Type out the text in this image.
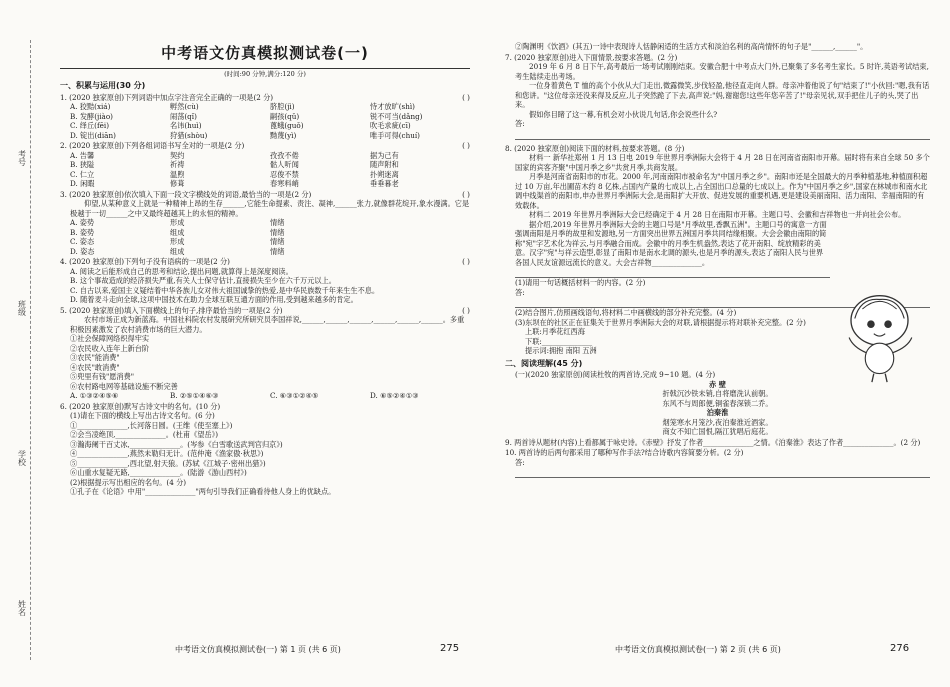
考号
班级
学校
姓名
中考语文仿真模拟测试卷(一)
(时间:90 分钟,满分:120 分)
一、积累与运用(30 分)
( )
1. (2020 独家原创)下列词语中加点字注音完全正确的一项是(2 分)
A. 狡黠(xiá)	孵然(cù)	脐腔(jì)	恃才放旷(shì)
B. 发酵(jiào)	闹荡(qǐ)	嗣孩(qǔ)	锐不可当(dǎng)
C. 绎丘(fēi)	名讳(huì)	蓖蛾(guǒ)	吹毛求疵(cī)
D. 锭出(diān)	狩猎(shòu)	黝蔑(yì)	唯手可得(chuí)
( )
2. (2020 独家原创)下列各组词语书写全对的一项是(2 分)
A. 告馨	契约	孜孜不倦	据为己有
B. 狭隘	祈祷	骷人听闻	随声附和
C. 仁立	温煦	忍俊不禁	扑朔迷离
D. 闲暇	修葺	春寒料峭	垂垂暮老
( )
3. (2020 独家原创)依次填入下面一段文字横线处的词语,最恰当的一项是(2 分)
仰望,从某种意义上就是一种精神上昂的生存______,它能生命提素、责注、凝神,______张力,就像群花绽开,象水漫满。它是极越于一切______之中又最终超越其上的永恒的精神。
A. 姿势	形成	情绪
B. 姿势	组成	情绪
C. 姿态	形成	情绪
D. 姿态	组成	情绪
( )
4. (2020 独家原创)下列句子没有语病的一项是(2 分)
A. 阅读之后能形成自己的思考和结论,提出问题,就算得上是深度阅读。
B. 这个事故造成的经济损失严重,有关人士保守估计,直接损失至少在六千万元以上。
C. 自古以来,爱国主义疑结着中华各族儿女对伟大祖国诚挚的热爱,是中华民族数千年来生生不息。
D. 随着麦斗走向全球,这项中国技术在助力全球互联互通方面的作用,受到越来越多的肯定。
( )
5. (2020 独家原创)填入下面横线上的句子,排序最恰当的一项是(2 分)
农村市场正成为新蓝海。中国社科院农村发展研究所研究员李国祥说,______,______,______,______,______,______。多重积极因素激发了农村消费市场的巨大潜力。
①社会保障网络织得牢实
②农民收入连年上新台阶
③农民"能消费"
④农民"敢消费"
⑤兜里有钱"愿消费"
⑥农村路电网等基础设施不断完善
A. ①③②④⑤⑥	B. ②⑤①④⑥③	C. ⑥③①②④⑤	D. ⑥⑤②④①③
6. (2020 独家原创)默写古诗文中的名句。(10 分)
(1)请在下面的横线上写出古诗文名句。(6 分)
①______________,长河落日圆。(王维《使至塞上》)
②会当凌绝顶,______________。(杜甫《望岳》)
③瀚海阑干百丈冰,______________。(岑参《白雪歌送武判官归京》)
④______________,燕然未勒归无计。(范仲淹《渔家傲·秋思》)
⑤______________,西北望,射天狼。(苏轼《江城子·密州出猎》)
⑥山重水复疑无路,______________。(陆游《游山西村》)
(2)根据提示写出相应的名句。(4 分)
①孔子在《论语》中用"______________"两句引导我们正确看待他人身上的优缺点。
中考语文仿真模拟测试卷(一) 第 1 页 (共 6 页)	275
②陶渊明《饮酒》(其五)一诗中表现诗人恬静闲适的生活方式和淡泊名利的高尚情怀的句子是"______,______"。
7. (2020 独家原创)进入下面情景,按要求答题。(2 分)
2019 年 6 月 8 日下午,高考最后一场考试刚刚结束。安徽合肥十中考点大门外,已聚集了多名考生家长。5 时许,英语考试结束,考生陆续走出考场。
一位身着黄色 T 恤的高个小伙从大门走出,微露微笑,步伐轻盈,他径直走向人群。母亲冲着他说了句"结束了!"小伙回:"嗯,我有话和您讲。"这位母亲还没来得及反应,儿子突然跪了下去,高声说:"妈,谢谢您!这些年您辛苦了!"母亲见状,双手把住儿子的头,哭了出来。
假如你目睹了这一幕,有机会对小伙说几句话,你会说些什么?
答:
8. (2020 独家原创)阅读下面的材料,按要求答题。(8 分)
材料一 新华社郑州 1 月 13 日电 2019 年世界月季洲际大会将于 4 月 28 日在河南省南阳市开幕。届时将有来自全球 50 多个国家的宾客齐聚"中国月季之乡"共赏月季,共商发展。
月季是河南省南阳市的市花。2000 年,河南南阳市被命名为"中国月季之乡"。南阳市还是全国最大的月季种植基地,种植面积超过 10 万亩,年出圃苗木约 8 亿株,占国内产量的七成以上,占全国出口总量的七成以上。作为"中国月季之乡",国家在林城市和南水北调中线渠首的南阳市,申办世界月季洲际大会,是南阳扩大开放、促进发展的重要机遇,更是建设美丽南阳、活力南阳、幸福南阳的有效载体。
材料二 2019 年世界月季洲际大会已经确定于 4 月 28 日在南阳市开幕。主题口号、会徽和吉祥物也一并向社会公布。
据介绍,2019 年世界月季洲际大会的主题口号是"月季故里,香飘五洲"。主题口号的寓意一方面强调南阳是月季的故里和发源地,另一方面突出世界五洲国月季共同结缘相聚。大会会徽由南阳的简称"宛"字艺术化为祥云,与月季融合而成。会徽中的月季生机盎然,表达了花开南阳、绽放精彩的美意。汉字"宛"与祥云造型,彰显了南阳市是南水北调的源头,也是月季的源头,表达了南阳人民与世界各国人民友谊源远流长的意义。大会吉祥物______________。
(1)请用一句话概括材料一的内容。(2 分)
答:
(2)结合图片,仿照画线语句,将材料二中画横线的部分补充完整。(4 分)
(3)东坝在的社区正在征集关于世界月季洲际大会的对联,请根据提示将对联补充完整。(2 分)
上联:月季花红西海
下联:______________
提示词:拥抱 南阳 五洲
二、阅读理解(45 分)
(一)(2020 独家原创)阅读杜牧的两首诗,完成 9~10 题。(4 分)
赤 壁
折戟沉沙铁未销,自将磨洗认前朝。
东风不与周郎便,铜雀春深锁二乔。
泊秦淮
烟笼寒水月笼沙,夜泊秦淮近酒家。
商女不知亡国恨,隔江犹唱后庭花。
9. 两首诗从题材(内容)上看都属于咏史诗。《赤壁》抒发了作者______________之情。《泊秦淮》表达了作者______________。(2 分)
10. 两首诗的后两句都采用了哪种写作手法?结合诗歌内容简要分析。(2 分)
答:
中考语文仿真模拟测试卷(一) 第 2 页 (共 6 页)	276
